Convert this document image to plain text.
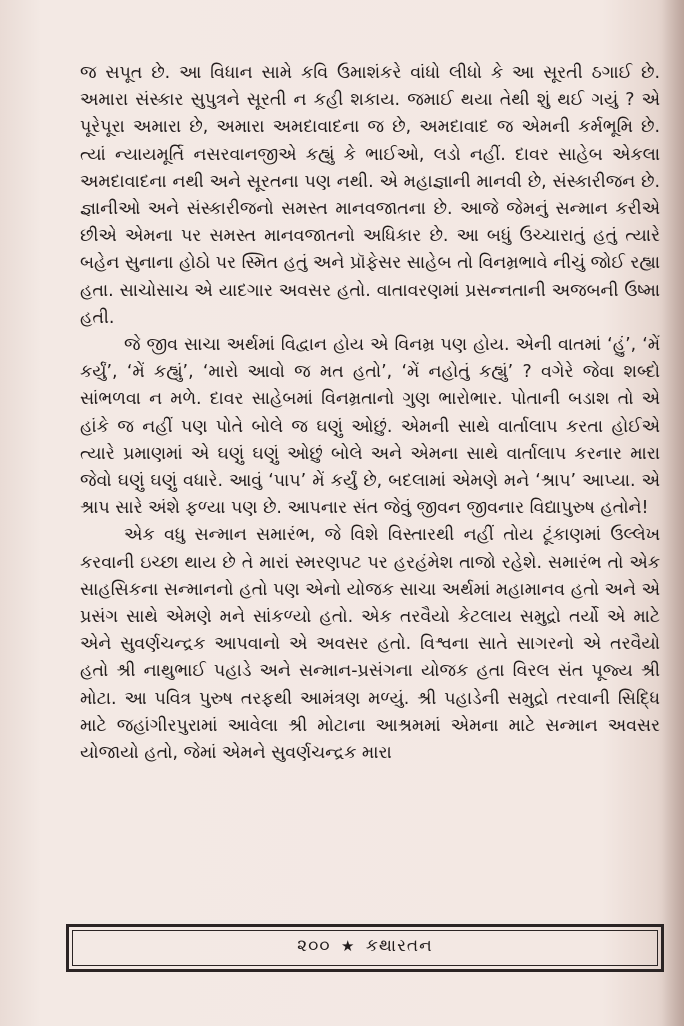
જ સપૂત છે. આ વિધાન સામે કવિ ઉમાશંકરે વાંધો લીધો કે આ સૂરતી ઠગાઈ છે. અમારા સંસ્કાર સુપુત્રને સૂરતી ન કહી શકાય. જમાઈ થયા તેથી શું થઈ ગયું ? એ પૂરેપૂરા અમારા છે, અમારા અમદાવાદના જ છે, અમદાવાદ જ એમની કર્મભૂમિ છે. ત્યાં ન્યાયમૂર્તિ નસરવાનજીએ કહ્યું કે ભાઈઓ, લડો નહીં. દાવર સાહેબ એકલા અમદાવાદના નથી અને સૂરતના પણ નથી. એ મહાજ્ઞાની માનવી છે, સંસ્કારીજન છે. જ્ઞાનીઓ અને સંસ્કારીજનો સમસ્ત માનવજાતના છે. આજે જેમનું સન્માન કરીએ છીએ એમના પર સમસ્ત માનવજાતનો અધિકાર છે. આ બધું ઉચ્ચારાતું હતું ત્યારે બહેન સુનાના હોઠો પર સ્મિત હતું અને પ્રૉફેસર સાહેબ તો વિનમ્રભાવે નીચું જોઈ રહ્યા હતા. સાચોસાચ એ યાદગાર અવસર હતો. વાતાવરણમાં પ્રસન્નતાની અજબની ઉષ્મા હતી.

જે જીવ સાચા અર્થમાં વિદ્વાન હોય એ વિનમ્ર પણ હોય. એની વાતમાં ‘હું’, ‘મેં કર્યું’, ‘મેં કહ્યું’, ‘મારો આવો જ મત હતો’, ‘મેં નહોતું કહ્યું’ ? વગેરે જેવા શબ્દો સાંભળવા ન મળે. દાવર સાહેબમાં વિનમ્રતાનો ગુણ ભારોભાર. પોતાની બડાશ તો એ હાંકે જ નહીં પણ પોતે બોલે જ ઘણું ઓછું. એમની સાથે વાર્તાલાપ કરતા હોઈએ ત્યારે પ્રમાણમાં એ ઘણું ઘણું ઓછું બોલે અને એમના સાથે વાર્તાલાપ કરનાર મારા જેવો ઘણું ઘણું વધારે. આવું ‘પાપ’ મેં કર્યું છે, બદલામાં એમણે મને ‘શ્રાપ’ આપ્યા. એ શ્રાપ સારે અંશે ફળ્યા પણ છે. આપનાર સંત જેવું જીવન જીવનાર વિદ્યાપુરુષ હતોને!

એક વધુ સન્માન સમારંભ, જે વિશે વિસ્તારથી નહીં તોય ટૂંકાણમાં ઉલ્લેખ કરવાની ઇચ્છા થાય છે તે મારાં સ્મરણપટ પર હરહંમેશ તાજો રહેશે. સમારંભ તો એક સાહસિકના સન્માનનો હતો પણ એનો યોજક સાચા અર્થમાં મહામાનવ હતો અને એ પ્રસંગ સાથે એમણે મને સાંકળ્યો હતો. એક તરવૈયો કેટલાય સમુદ્રો તર્યો એ માટે એને સુવર્ણચન્દ્રક આપવાનો એ અવસર હતો. વિશ્વના સાતે સાગરનો એ તરવૈયો હતો શ્રી નાથુભાઈ પહાડે અને સન્માન-પ્રસંગના યોજક હતા વિરલ સંત પૂજ્ય શ્રી મોટા. આ પવિત્ર પુરુષ તરફથી આમંત્રણ મળ્યું. શ્રી પહાડેની સમુદ્રો તરવાની સિદ્ધિ માટે જહાંગીરપુરામાં આવેલા શ્રી મોટાના આશ્રમમાં એમના માટે સન્માન અવસર યોજાયો હતો, જેમાં એમને સુવર્ણચન્દ્રક મારા

૨૦૦ ★ કથારતન
